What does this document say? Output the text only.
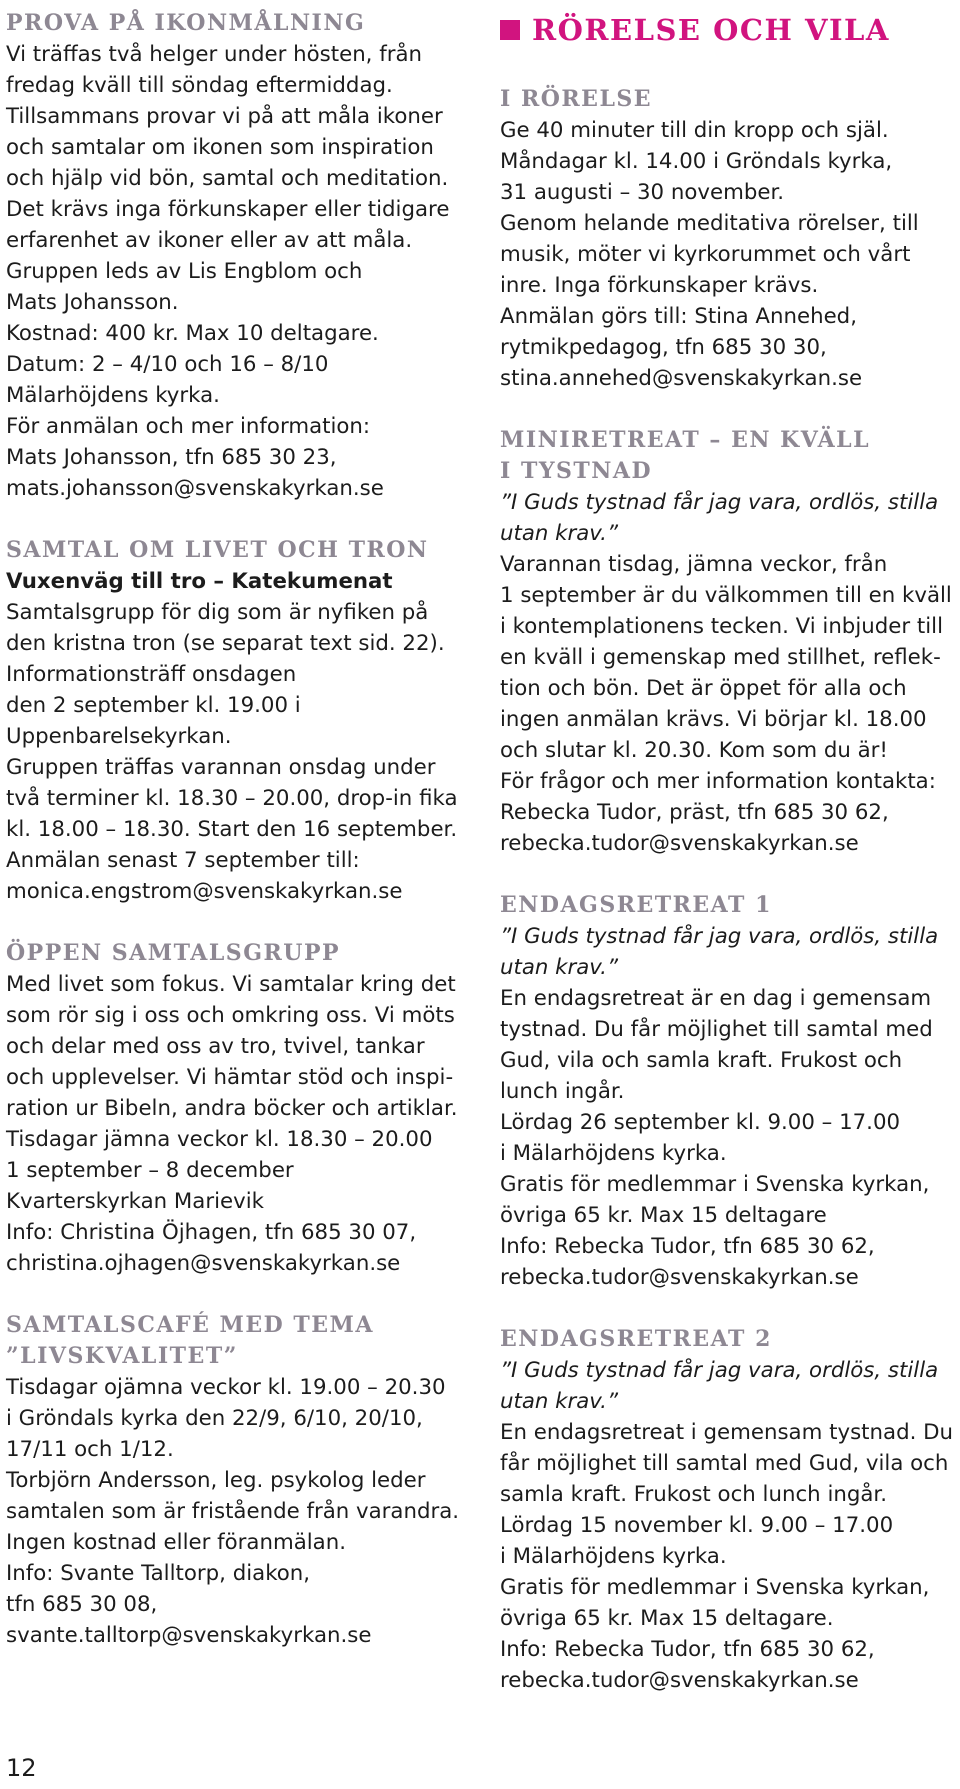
PROVA PÅ IKONMÅLNING
Vi träffas två helger under hösten, från
fredag kväll till söndag eftermiddag.
Tillsammans provar vi på att måla ikoner
och samtalar om ikonen som inspiration
och hjälp vid bön, samtal och meditation.
Det krävs inga förkunskaper eller tidigare
erfarenhet av ikoner eller av att måla.
Gruppen leds av Lis Engblom och
Mats Johansson.
Kostnad: 400 kr. Max 10 deltagare.
Datum: 2 – 4/10 och 16 – 8/10
Mälarhöjdens kyrka.
För anmälan och mer information:
Mats Johansson, tfn 685 30 23,
mats.johansson@svenskakyrkan.se
SAMTAL OM LIVET OCH TRON
Vuxenväg till tro – Katekumenat
Samtalsgrupp för dig som är nyfiken på
den kristna tron (se separat text sid. 22).
Informationsträff onsdagen
den 2 september kl. 19.00 i
Uppenbarelsekyrkan.
Gruppen träffas varannan onsdag under
två terminer kl. 18.30 – 20.00, drop-in fika
kl. 18.00 – 18.30. Start den 16 september.
Anmälan senast 7 september till:
monica.engstrom@svenskakyrkan.se
ÖPPEN SAMTALSGRUPP
Med livet som fokus. Vi samtalar kring det
som rör sig i oss och omkring oss. Vi möts
och delar med oss av tro, tvivel, tankar
och upplevelser. Vi hämtar stöd och inspi-
ration ur Bibeln, andra böcker och artiklar.
Tisdagar jämna veckor kl. 18.30 – 20.00
1 september – 8 december
Kvarterskyrkan Marievik
Info: Christina Öjhagen, tfn 685 30 07,
christina.ojhagen@svenskakyrkan.se
SAMTALSCAFÉ MED TEMA
”LIVSKVALITET”
Tisdagar ojämna veckor kl. 19.00 – 20.30
i Gröndals kyrka den 22/9, 6/10, 20/10,
17/11 och 1/12.
Torbjörn Andersson, leg. psykolog leder
samtalen som är fristående från varandra.
Ingen kostnad eller föranmälan.
Info: Svante Talltorp, diakon,
tfn 685 30 08,
svante.talltorp@svenskakyrkan.se
RÖRELSE OCH VILA
I RÖRELSE
Ge 40 minuter till din kropp och själ.
Måndagar kl. 14.00 i Gröndals kyrka,
31 augusti – 30 november.
Genom helande meditativa rörelser, till
musik, möter vi kyrkorummet och vårt
inre. Inga förkunskaper krävs.
Anmälan görs till: Stina Annehed,
rytmikpedagog, tfn 685 30 30,
stina.annehed@svenskakyrkan.se
MINIRETREAT – EN KVÄLL
I TYSTNAD
”I Guds tystnad får jag vara, ordlös, stilla
utan krav.”
Varannan tisdag, jämna veckor, från
1 september är du välkommen till en kväll
i kontemplationens tecken. Vi inbjuder till
en kväll i gemenskap med stillhet, reflek-
tion och bön. Det är öppet för alla och
ingen anmälan krävs. Vi börjar kl. 18.00
och slutar kl. 20.30. Kom som du är!
För frågor och mer information kontakta:
Rebecka Tudor, präst, tfn 685 30 62,
rebecka.tudor@svenskakyrkan.se
ENDAGSRETREAT 1
”I Guds tystnad får jag vara, ordlös, stilla
utan krav.”
En endagsretreat är en dag i gemensam
tystnad. Du får möjlighet till samtal med
Gud, vila och samla kraft. Frukost och
lunch ingår.
Lördag 26 september kl. 9.00 – 17.00
i Mälarhöjdens kyrka.
Gratis för medlemmar i Svenska kyrkan,
övriga 65 kr. Max 15 deltagare
Info: Rebecka Tudor, tfn 685 30 62,
rebecka.tudor@svenskakyrkan.se
ENDAGSRETREAT 2
”I Guds tystnad får jag vara, ordlös, stilla
utan krav.”
En endagsretreat i gemensam tystnad. Du
får möjlighet till samtal med Gud, vila och
samla kraft. Frukost och lunch ingår.
Lördag 15 november kl. 9.00 – 17.00
i Mälarhöjdens kyrka.
Gratis för medlemmar i Svenska kyrkan,
övriga 65 kr. Max 15 deltagare.
Info: Rebecka Tudor, tfn 685 30 62,
rebecka.tudor@svenskakyrkan.se
12
